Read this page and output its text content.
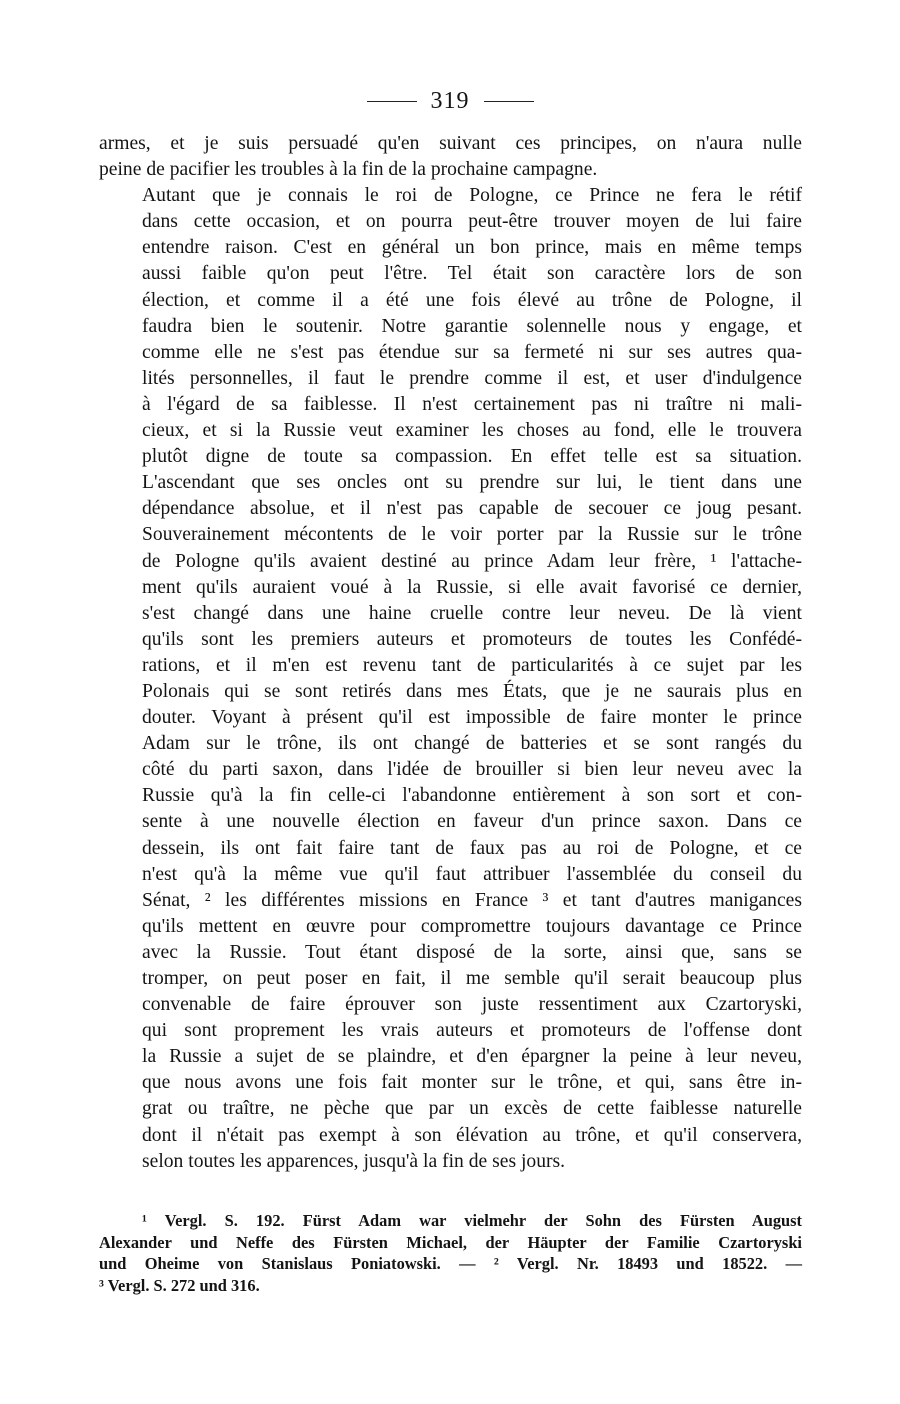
319
armes, et je suis persuadé qu'en suivant ces principes, on n'aura nulle
peine de pacifier les troubles à la fin de la prochaine campagne.
Autant que je connais le roi de Pologne, ce Prince ne fera le rétif
dans cette occasion, et on pourra peut-être trouver moyen de lui faire
entendre raison. C'est en général un bon prince, mais en même temps
aussi faible qu'on peut l'être. Tel était son caractère lors de son
élection, et comme il a été une fois élevé au trône de Pologne, il
faudra bien le soutenir. Notre garantie solennelle nous y engage, et
comme elle ne s'est pas étendue sur sa fermeté ni sur ses autres qua-
lités personnelles, il faut le prendre comme il est, et user d'indulgence
à l'égard de sa faiblesse. Il n'est certainement pas ni traître ni mali-
cieux, et si la Russie veut examiner les choses au fond, elle le trouvera
plutôt digne de toute sa compassion. En effet telle est sa situation.
L'ascendant que ses oncles ont su prendre sur lui, le tient dans une
dépendance absolue, et il n'est pas capable de secouer ce joug pesant.
Souverainement mécontents de le voir porter par la Russie sur le trône
de Pologne qu'ils avaient destiné au prince Adam leur frère, ¹ l'attache-
ment qu'ils auraient voué à la Russie, si elle avait favorisé ce dernier,
s'est changé dans une haine cruelle contre leur neveu. De là vient
qu'ils sont les premiers auteurs et promoteurs de toutes les Confédé-
rations, et il m'en est revenu tant de particularités à ce sujet par les
Polonais qui se sont retirés dans mes États, que je ne saurais plus en
douter. Voyant à présent qu'il est impossible de faire monter le prince
Adam sur le trône, ils ont changé de batteries et se sont rangés du
côté du parti saxon, dans l'idée de brouiller si bien leur neveu avec la
Russie qu'à la fin celle-ci l'abandonne entièrement à son sort et con-
sente à une nouvelle élection en faveur d'un prince saxon. Dans ce
dessein, ils ont fait faire tant de faux pas au roi de Pologne, et ce
n'est qu'à la même vue qu'il faut attribuer l'assemblée du conseil du
Sénat, ² les différentes missions en France ³ et tant d'autres manigances
qu'ils mettent en œuvre pour compromettre toujours davantage ce Prince
avec la Russie. Tout étant disposé de la sorte, ainsi que, sans se
tromper, on peut poser en fait, il me semble qu'il serait beaucoup plus
convenable de faire éprouver son juste ressentiment aux Czartoryski,
qui sont proprement les vrais auteurs et promoteurs de l'offense dont
la Russie a sujet de se plaindre, et d'en épargner la peine à leur neveu,
que nous avons une fois fait monter sur le trône, et qui, sans être in-
grat ou traître, ne pèche que par un excès de cette faiblesse naturelle
dont il n'était pas exempt à son élévation au trône, et qu'il conservera,
selon toutes les apparences, jusqu'à la fin de ses jours.
¹ Vergl. S. 192. Fürst Adam war vielmehr der Sohn des Fürsten August
Alexander und Neffe des Fürsten Michael, der Häupter der Familie Czartoryski
und Oheime von Stanislaus Poniatowski. — ² Vergl. Nr. 18493 und 18522. —
³ Vergl. S. 272 und 316.
